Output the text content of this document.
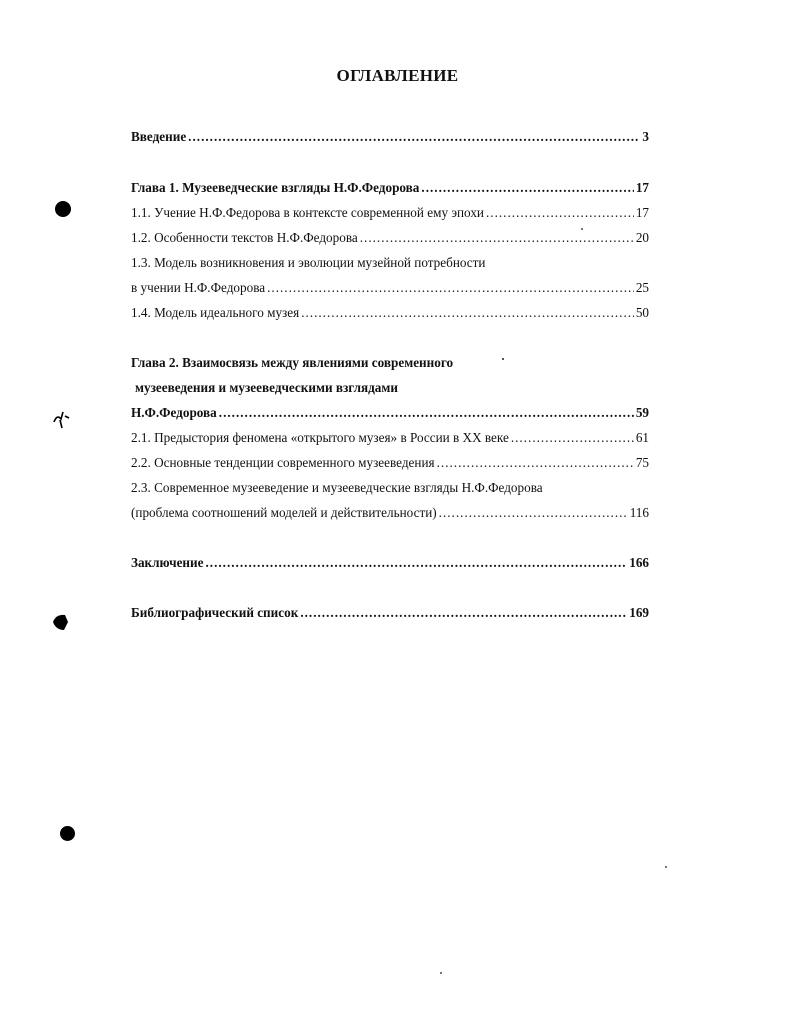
ОГЛАВЛЕНИЕ
Введение .....	3
Глава 1. Музееведческие взгляды Н.Ф.Федорова .....	17
1.1. Учение Н.Ф.Федорова в контексте современной ему эпохи .....	17
1.2. Особенности текстов Н.Ф.Федорова .....	20
1.3. Модель возникновения и эволюции музейной потребности
в учении Н.Ф.Федорова .....	25
1.4. Модель идеального музея .....	50
Глава 2. Взаимосвязь между явлениями современного
музееведения и музееведческими взглядами
Н.Ф.Федорова .....	59
2.1. Предыстория феномена «открытого музея» в России в XX веке .....	61
2.2. Основные тенденции современного музееведения .....	75
2.3. Современное музееведение и музееведческие взгляды Н.Ф.Федорова
(проблема соотношений моделей и действительности) .....	116
Заключение .....	166
Библиографический список .....	169
